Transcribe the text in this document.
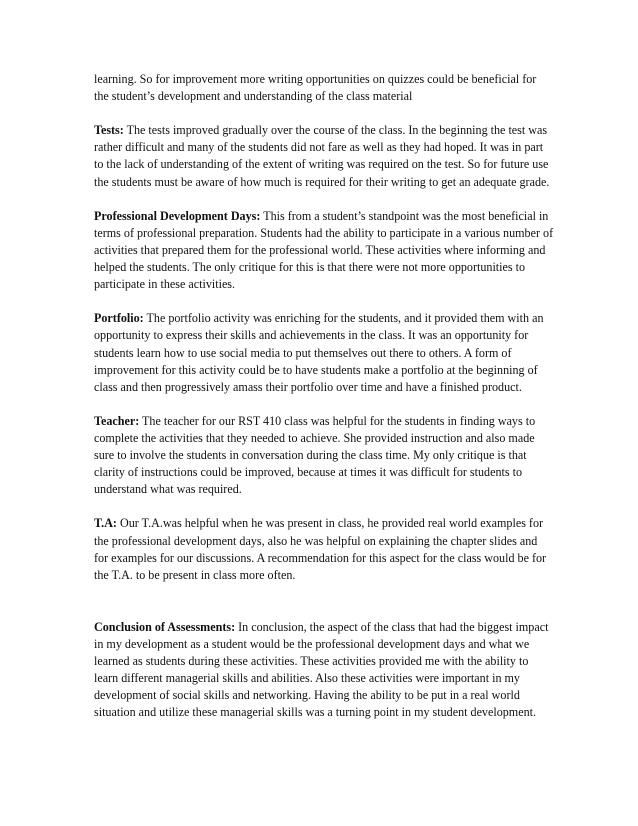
learning. So for improvement more writing opportunities on quizzes could be beneficial for the student’s development and understanding of the class material

Tests: The tests improved gradually over the course of the class. In the beginning the test was rather difficult and many of the students did not fare as well as they had hoped. It was in part to the lack of understanding of the extent of writing was required on the test. So for future use the students must be aware of how much is required for their writing to get an adequate grade.

Professional Development Days: This from a student’s standpoint was the most beneficial in terms of professional preparation. Students had the ability to participate in a various number of activities that prepared them for the professional world. These activities where informing and helped the students. The only critique for this is that there were not more opportunities to participate in these activities.

Portfolio: The portfolio activity was enriching for the students, and it provided them with an opportunity to express their skills and achievements in the class. It was an opportunity for students learn how to use social media to put themselves out there to others. A form of improvement for this activity could be to have students make a portfolio at the beginning of class and then progressively amass their portfolio over time and have a finished product.

Teacher: The teacher for our RST 410 class was helpful for the students in finding ways to complete the activities that they needed to achieve. She provided instruction and also made sure to involve the students in conversation during the class time. My only critique is that clarity of instructions could be improved, because at times it was difficult for students to understand what was required.

T.A: Our T.A.was helpful when he was present in class, he provided real world examples for the professional development days, also he was helpful on explaining the chapter slides and for examples for our discussions. A recommendation for this aspect for the class would be for the T.A. to be present in class more often.

Conclusion of Assessments: In conclusion, the aspect of the class that had the biggest impact in my development as a student would be the professional development days and what we learned as students during these activities. These activities provided me with the ability to learn different managerial skills and abilities. Also these activities were important in my development of social skills and networking. Having the ability to be put in a real world situation and utilize these managerial skills was a turning point in my student development.
